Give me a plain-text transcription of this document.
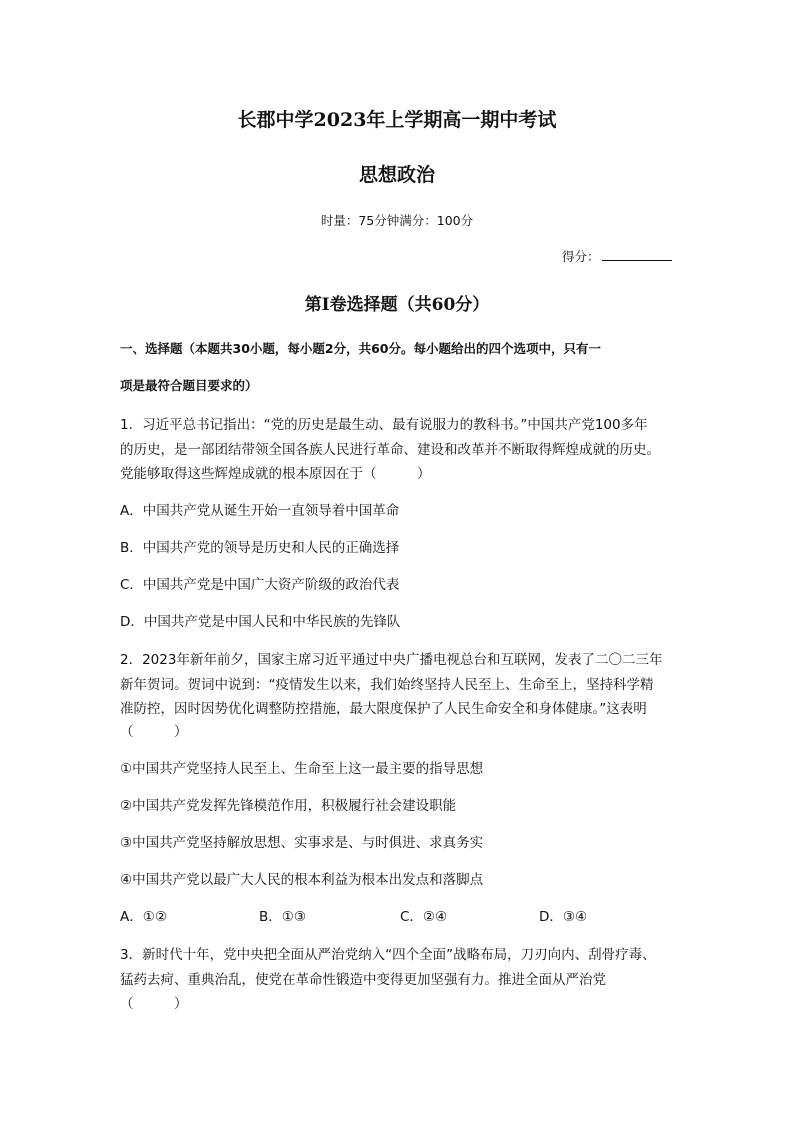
长郡中学2023年上学期高一期中考试
思想政治
时量：75分钟满分：100分
得分：
第Ⅰ卷选择题（共60分）
一、选择题（本题共30小题，每小题2分，共60分。每小题给出的四个选项中，只有一
项是最符合题目要求的）
1．习近平总书记指出：“党的历史是最生动、最有说服力的教科书。”中国共产党100多年
的历史，是一部团结带领全国各族人民进行革命、建设和改革并不断取得辉煌成就的历史。
党能够取得这些辉煌成就的根本原因在于（　　　）
A．中国共产党从诞生开始一直领导着中国革命
B．中国共产党的领导是历史和人民的正确选择
C．中国共产党是中国广大资产阶级的政治代表
D．中国共产党是中国人民和中华民族的先锋队
2．2023年新年前夕，国家主席习近平通过中央广播电视总台和互联网，发表了二〇二三年
新年贺词。贺词中说到：“疫情发生以来，我们始终坚持人民至上、生命至上，坚持科学精
准防控，因时因势优化调整防控措施，最大限度保护了人民生命安全和身体健康。”这表明
（　　　）
①中国共产党坚持人民至上、生命至上这一最主要的指导思想
②中国共产党发挥先锋模范作用，积极履行社会建设职能
③中国共产党坚持解放思想、实事求是、与时俱进、求真务实
④中国共产党以最广大人民的根本利益为根本出发点和落脚点
A．①②	B．①③	C．②④	D．③④
3．新时代十年，党中央把全面从严治党纳入“四个全面”战略布局，刀刃向内、刮骨疗毒、
猛药去疴、重典治乱，使党在革命性锻造中变得更加坚强有力。推进全面从严治党
（　　　）
